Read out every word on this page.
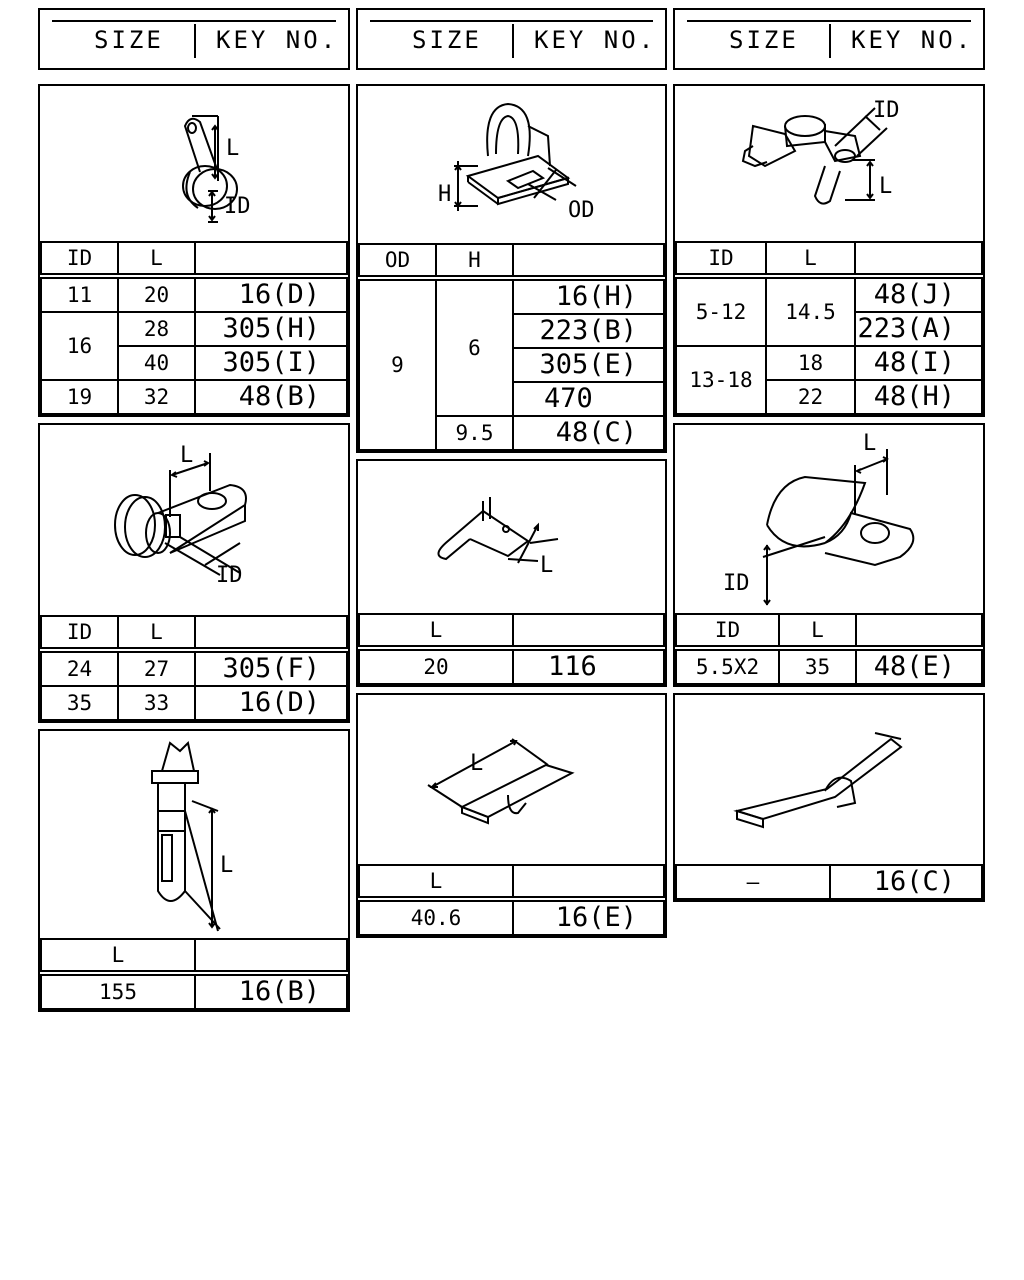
SIZE KEY NO.	SIZE KEY NO.	SIZE KEY NO.
L
ID
ID	L	
11	20	16(D)
16	28	305(H)
	40	305(I)
19	32	48(B)
H
OD
OD	H	
9	6	16(H)
		223(B)
		305(E)
		470
	9.5	48(C)
ID
L
ID	L	
5-12	14.5	48(J)
		223(A)
13-18	18	48(I)
	22	48(H)
L
ID
ID	L	
24	27	305(F)
35	33	16(D)
L
L	
20	116
L
ID
ID	L	
5.5X2	35	48(E)
L
L	
155	16(B)
L
L	
40.6	16(E)
—	16(C)
